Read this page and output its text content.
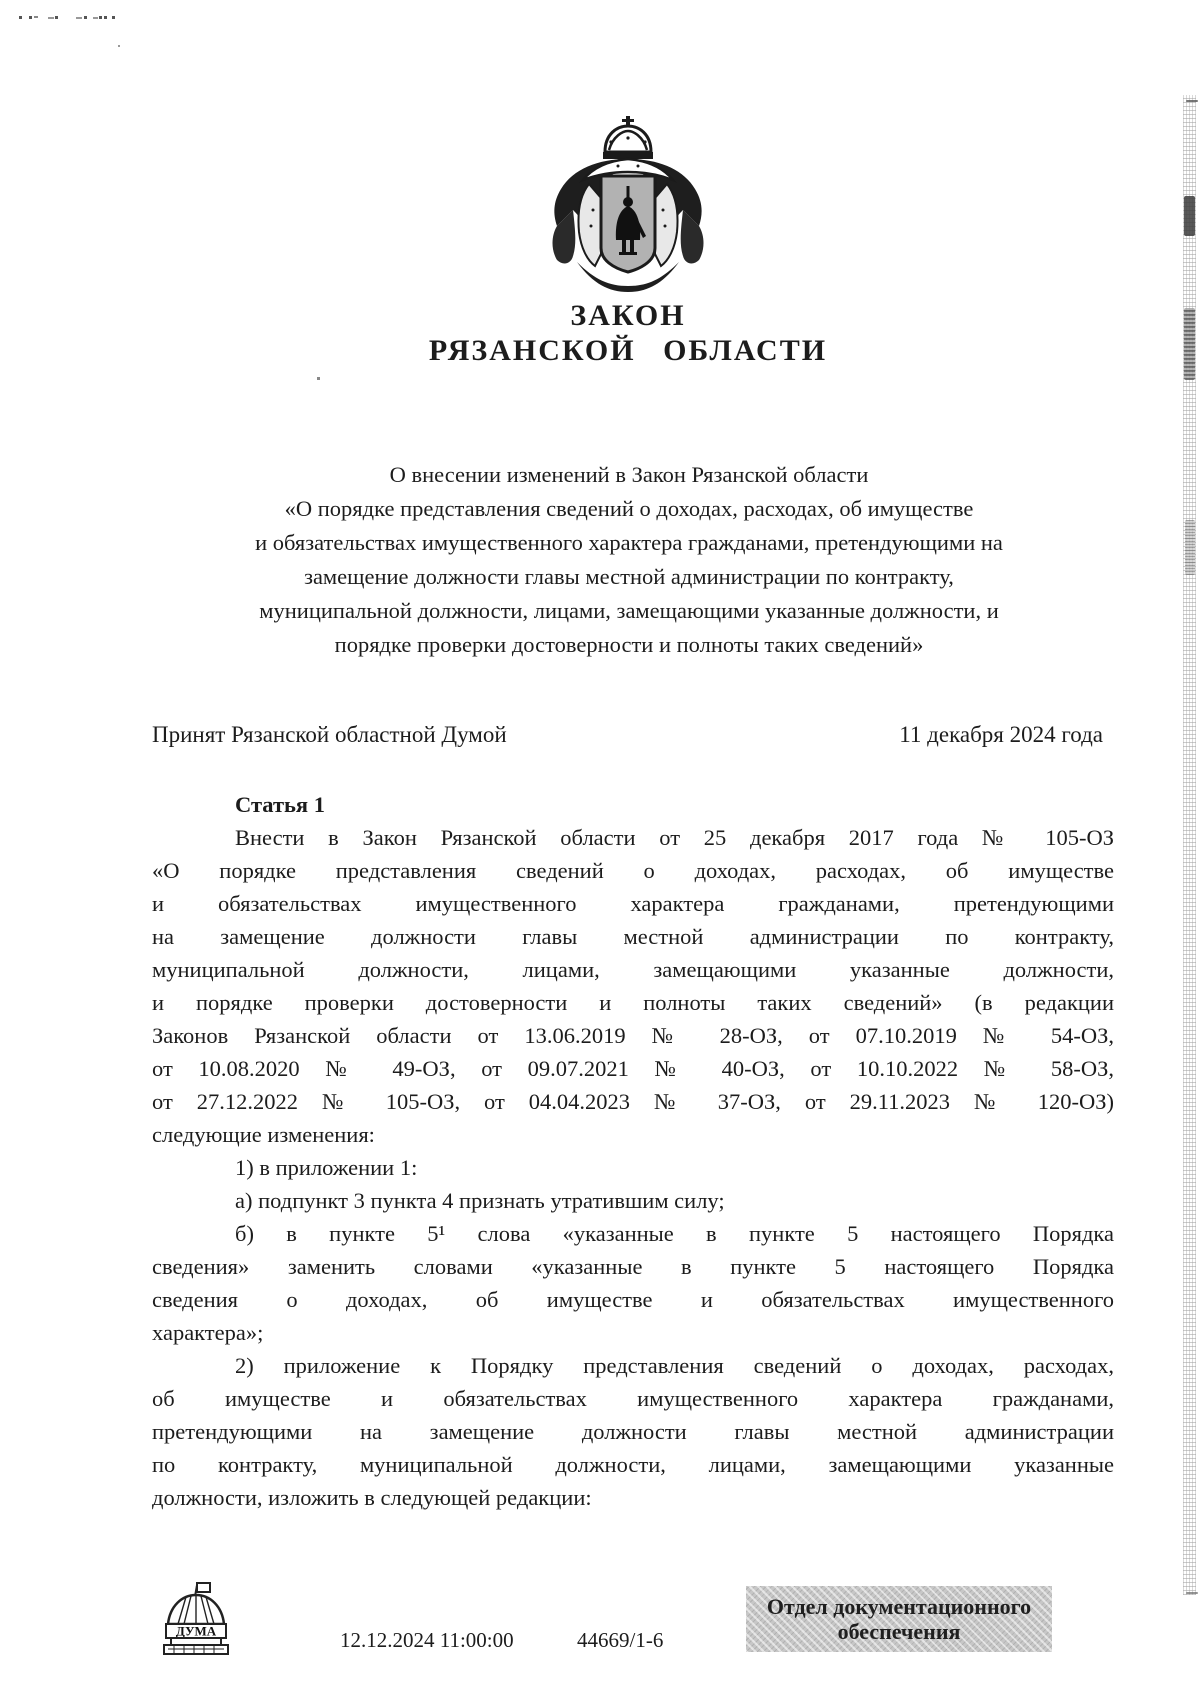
ЗАКОН
РЯЗАНСКОЙ ОБЛАСТИ
О внесении изменений в Закон Рязанской области
«О порядке представления сведений о доходах, расходах, об имуществе
и обязательствах имущественного характера гражданами, претендующими на
замещение должности главы местной администрации по контракту,
муниципальной должности, лицами, замещающими указанные должности, и
порядке проверки достоверности и полноты таких сведений»
Принят Рязанской областной Думой	11 декабря 2024 года
Статья 1
Внести в Закон Рязанской области от 25 декабря 2017 года № 105-ОЗ
«О порядке представления сведений о доходах, расходах, об имуществе
и обязательствах имущественного характера гражданами, претендующими
на замещение должности главы местной администрации по контракту,
муниципальной должности, лицами, замещающими указанные должности,
и порядке проверки достоверности и полноты таких сведений» (в редакции
Законов Рязанской области от 13.06.2019 № 28-ОЗ, от 07.10.2019 № 54-ОЗ,
от 10.08.2020 № 49-ОЗ, от 09.07.2021 № 40-ОЗ, от 10.10.2022 № 58-ОЗ,
от 27.12.2022 № 105-ОЗ, от 04.04.2023 № 37-ОЗ, от 29.11.2023 № 120-ОЗ)
следующие изменения:
1) в приложении 1:
а) подпункт 3 пункта 4 признать утратившим силу;
б) в пункте 5¹ слова «указанные в пункте 5 настоящего Порядка
сведения» заменить словами «указанные в пункте 5 настоящего Порядка
сведения о доходах, об имуществе и обязательствах имущественного
характера»;
2) приложение к Порядку представления сведений о доходах, расходах,
об имуществе и обязательствах имущественного характера гражданами,
претендующими на замещение должности главы местной администрации
по контракту, муниципальной должности, лицами, замещающими указанные
должности, изложить в следующей редакции:
ДУМА	12.12.2024 11:00:00	44669/1-6
Отдел документационного
обеспечения
